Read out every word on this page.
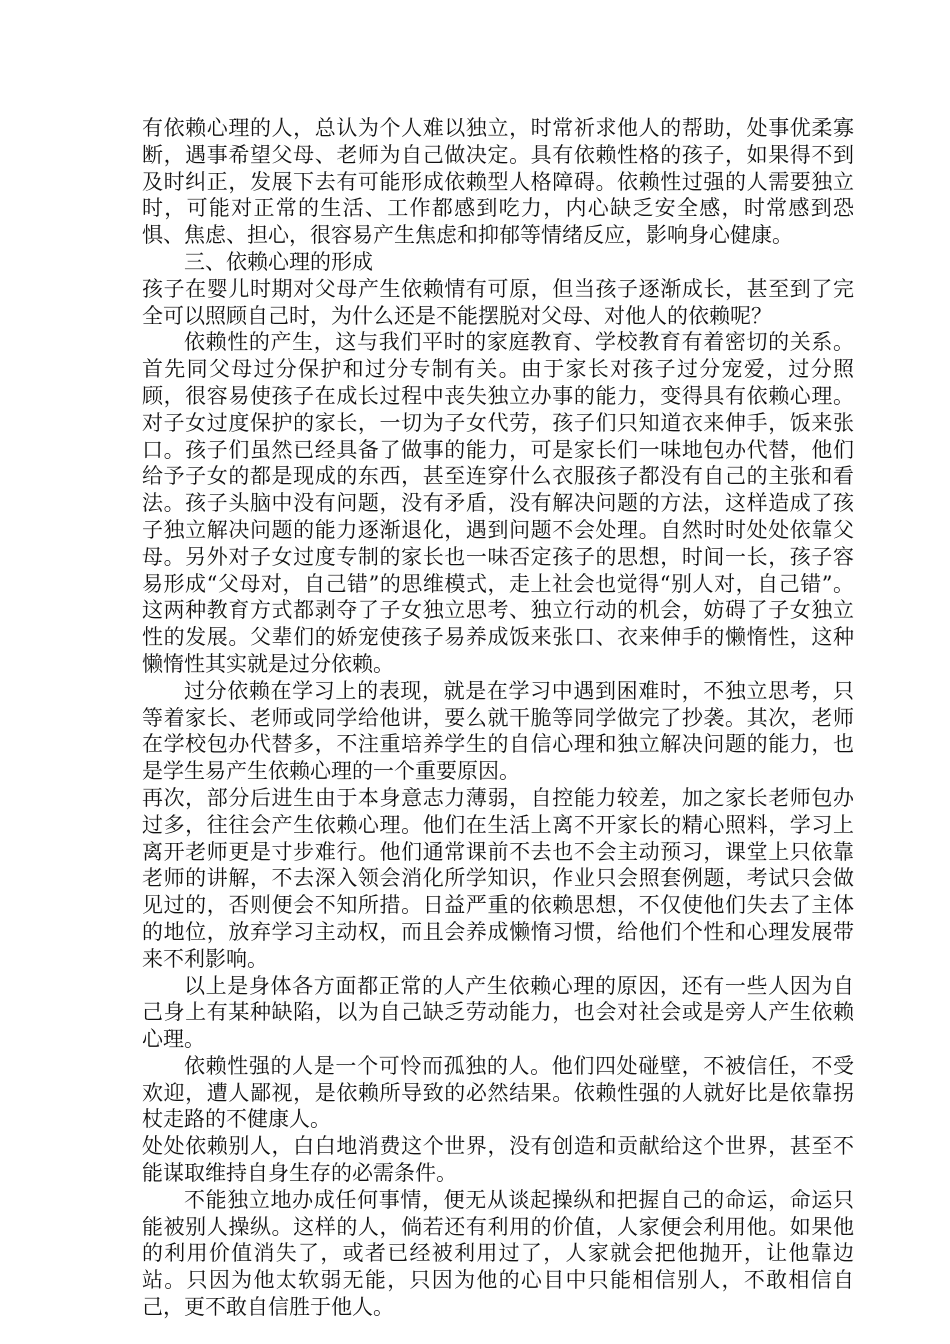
有依赖心理的人，总认为个人难以独立，时常祈求他人的帮助，处事优柔寡断，遇事希望父母、老师为自己做决定。具有依赖性格的孩子，如果得不到及时纠正，发展下去有可能形成依赖型人格障碍。依赖性过强的人需要独立时，可能对正常的生活、工作都感到吃力，内心缺乏安全感，时常感到恐惧、焦虑、担心，很容易产生焦虑和抑郁等情绪反应，影响身心健康。

三、依赖心理的形成

孩子在婴儿时期对父母产生依赖情有可原，但当孩子逐渐成长，甚至到了完全可以照顾自己时，为什么还是不能摆脱对父母、对他人的依赖呢？

依赖性的产生，这与我们平时的家庭教育、学校教育有着密切的关系。首先同父母过分保护和过分专制有关。由于家长对孩子过分宠爱，过分照顾，很容易使孩子在成长过程中丧失独立办事的能力，变得具有依赖心理。对子女过度保护的家长，一切为子女代劳，孩子们只知道衣来伸手，饭来张口。孩子们虽然已经具备了做事的能力，可是家长们一味地包办代替，他们给予子女的都是现成的东西，甚至连穿什么衣服孩子都没有自己的主张和看法。孩子头脑中没有问题，没有矛盾，没有解决问题的方法，这样造成了孩子独立解决问题的能力逐渐退化，遇到问题不会处理。自然时时处处依靠父母。另外对子女过度专制的家长也一味否定孩子的思想，时间一长，孩子容易形成“父母对，自己错”的思维模式，走上社会也觉得“别人对，自己错”。这两种教育方式都剥夺了子女独立思考、独立行动的机会，妨碍了子女独立性的发展。父辈们的娇宠使孩子易养成饭来张口、衣来伸手的懒惰性，这种懒惰性其实就是过分依赖。

过分依赖在学习上的表现，就是在学习中遇到困难时，不独立思考，只等着家长、老师或同学给他讲，要么就干脆等同学做完了抄袭。其次，老师在学校包办代替多，不注重培养学生的自信心理和独立解决问题的能力，也是学生易产生依赖心理的一个重要原因。

再次，部分后进生由于本身意志力薄弱，自控能力较差，加之家长老师包办过多，往往会产生依赖心理。他们在生活上离不开家长的精心照料，学习上离开老师更是寸步难行。他们通常课前不去也不会主动预习，课堂上只依靠老师的讲解，不去深入领会消化所学知识，作业只会照套例题，考试只会做见过的，否则便会不知所措。日益严重的依赖思想，不仅使他们失去了主体的地位，放弃学习主动权，而且会养成懒惰习惯，给他们个性和心理发展带来不利影响。

以上是身体各方面都正常的人产生依赖心理的原因，还有一些人因为自己身上有某种缺陷，以为自己缺乏劳动能力，也会对社会或是旁人产生依赖心理。

依赖性强的人是一个可怜而孤独的人。他们四处碰壁，不被信任，不受欢迎，遭人鄙视，是依赖所导致的必然结果。依赖性强的人就好比是依靠拐杖走路的不健康人。

处处依赖别人，白白地消费这个世界，没有创造和贡献给这个世界，甚至不能谋取维持自身生存的必需条件。

不能独立地办成任何事情，便无从谈起操纵和把握自己的命运，命运只能被别人操纵。这样的人，倘若还有利用的价值，人家便会利用他。如果他的利用价值消失了，或者已经被利用过了，人家就会把他抛开，让他靠边站。只因为他太软弱无能，只因为他的心目中只能相信别人，不敢相信自己，更不敢自信胜于他人。
